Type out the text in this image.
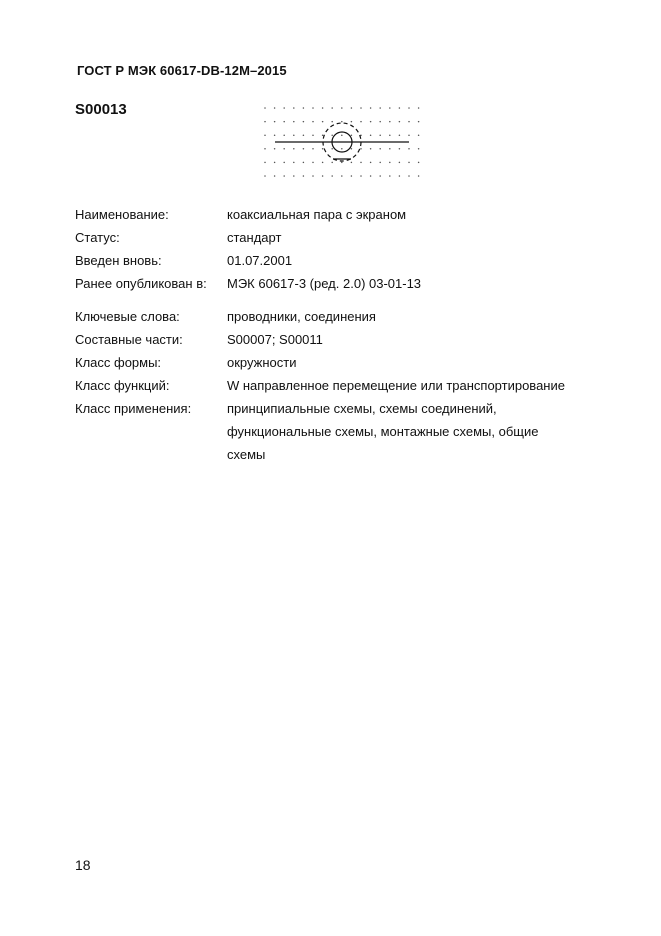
ГОСТ Р МЭК 60617-DB-12M–2015
S00013
Наименование:	коаксиальная пара с экраном
Статус:	стандарт
Введен вновь:	01.07.2001
Ранее опубликован в: МЭК 60617-3 (ред. 2.0) 03-01-13
Ключевые слова:	проводники, соединения
Составные части:	S00007; S00011
Класс формы:	окружности
Класс функций:	W направленное перемещение или транспортирование
Класс применения:	принципиальные схемы, схемы соединений,
функциональные схемы, монтажные схемы, общие
схемы
18
